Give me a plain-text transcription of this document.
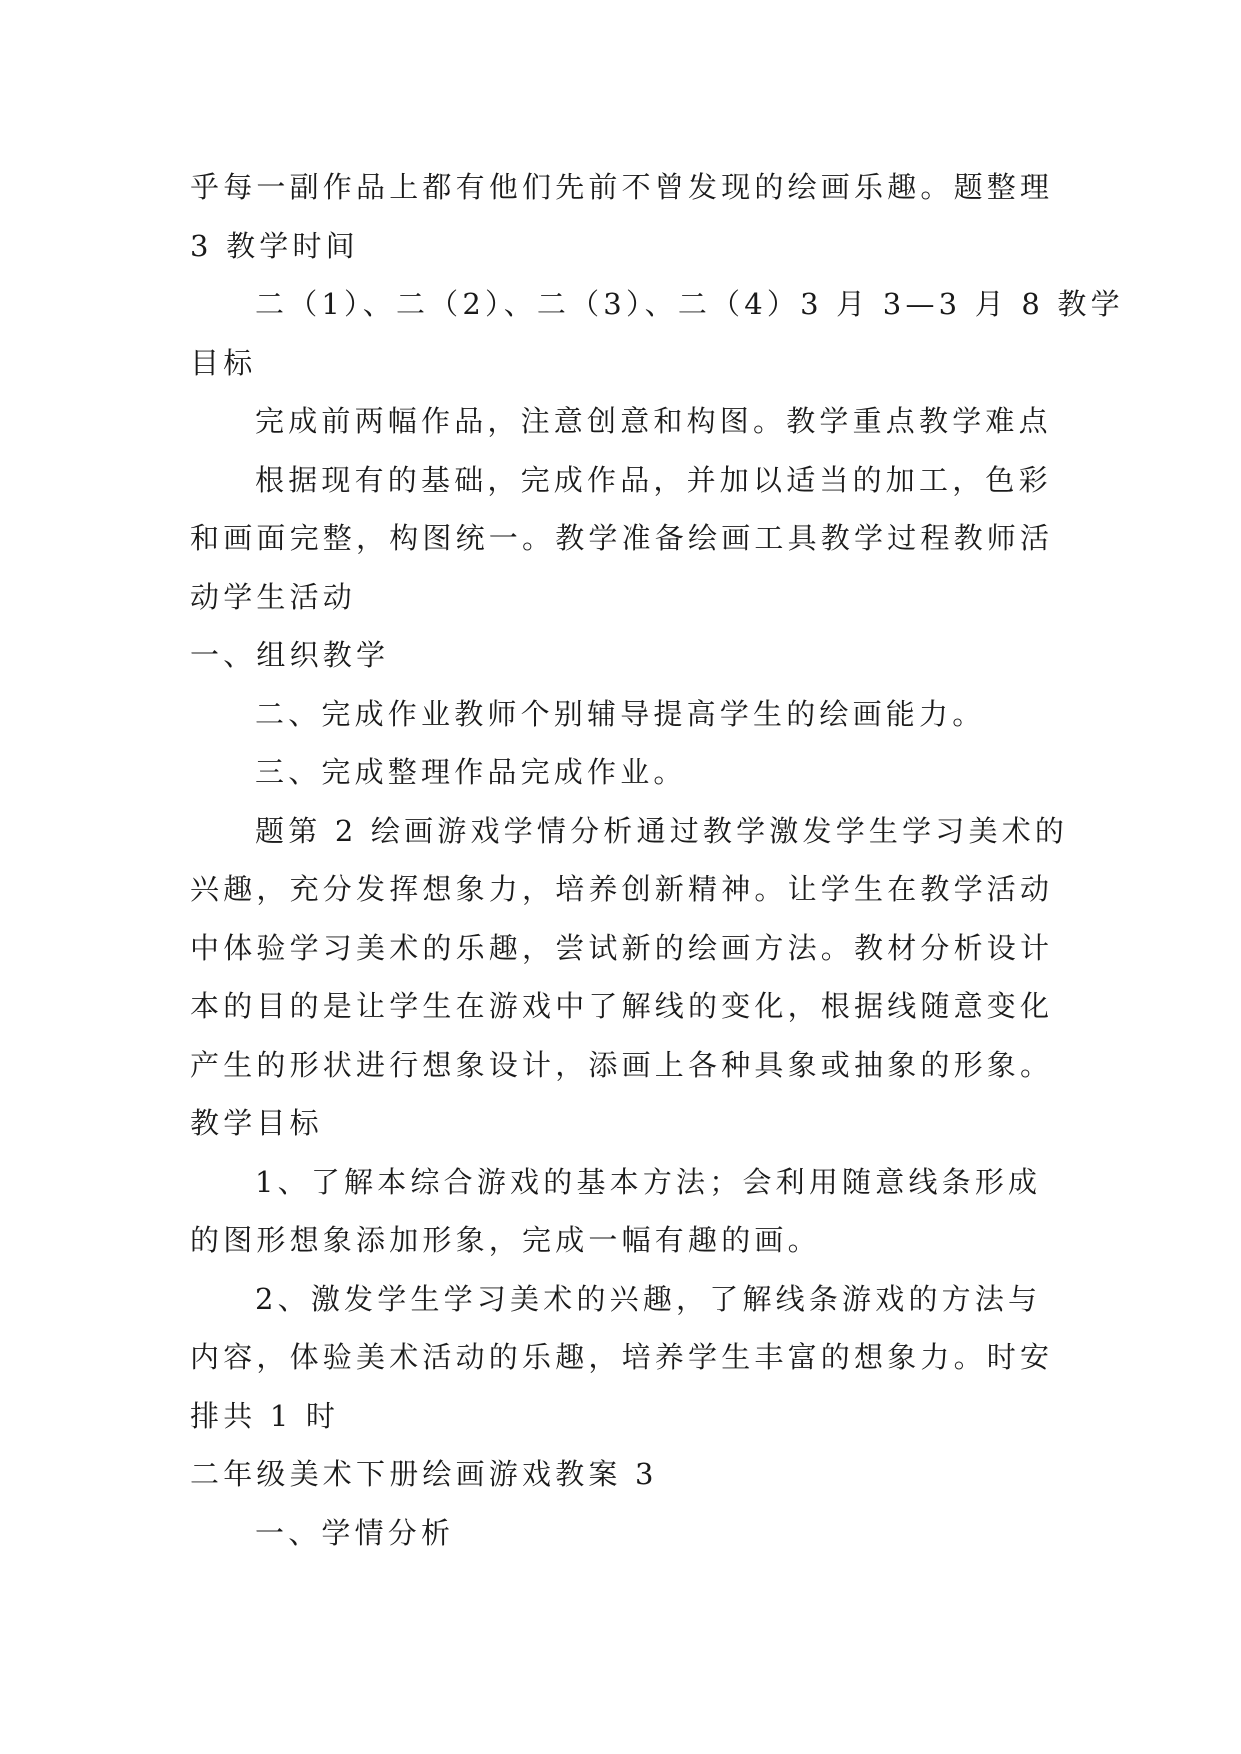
乎每一副作品上都有他们先前不曾发现的绘画乐趣。题整理
3 教学时间
二（1）、二（2）、二（3）、二（4）3 月 3—3 月 8 教学
目标
完成前两幅作品，注意创意和构图。教学重点教学难点
根据现有的基础，完成作品，并加以适当的加工，色彩
和画面完整，构图统一。教学准备绘画工具教学过程教师活
动学生活动
一、组织教学
二、完成作业教师个别辅导提高学生的绘画能力。
三、完成整理作品完成作业。
题第 2 绘画游戏学情分析通过教学激发学生学习美术的
兴趣，充分发挥想象力，培养创新精神。让学生在教学活动
中体验学习美术的乐趣，尝试新的绘画方法。教材分析设计
本的目的是让学生在游戏中了解线的变化，根据线随意变化
产生的形状进行想象设计，添画上各种具象或抽象的形象。
教学目标
1、了解本综合游戏的基本方法；会利用随意线条形成
的图形想象添加形象，完成一幅有趣的画。
2、激发学生学习美术的兴趣，了解线条游戏的方法与
内容，体验美术活动的乐趣，培养学生丰富的想象力。时安
排共 1 时
二年级美术下册绘画游戏教案 3
一、学情分析
